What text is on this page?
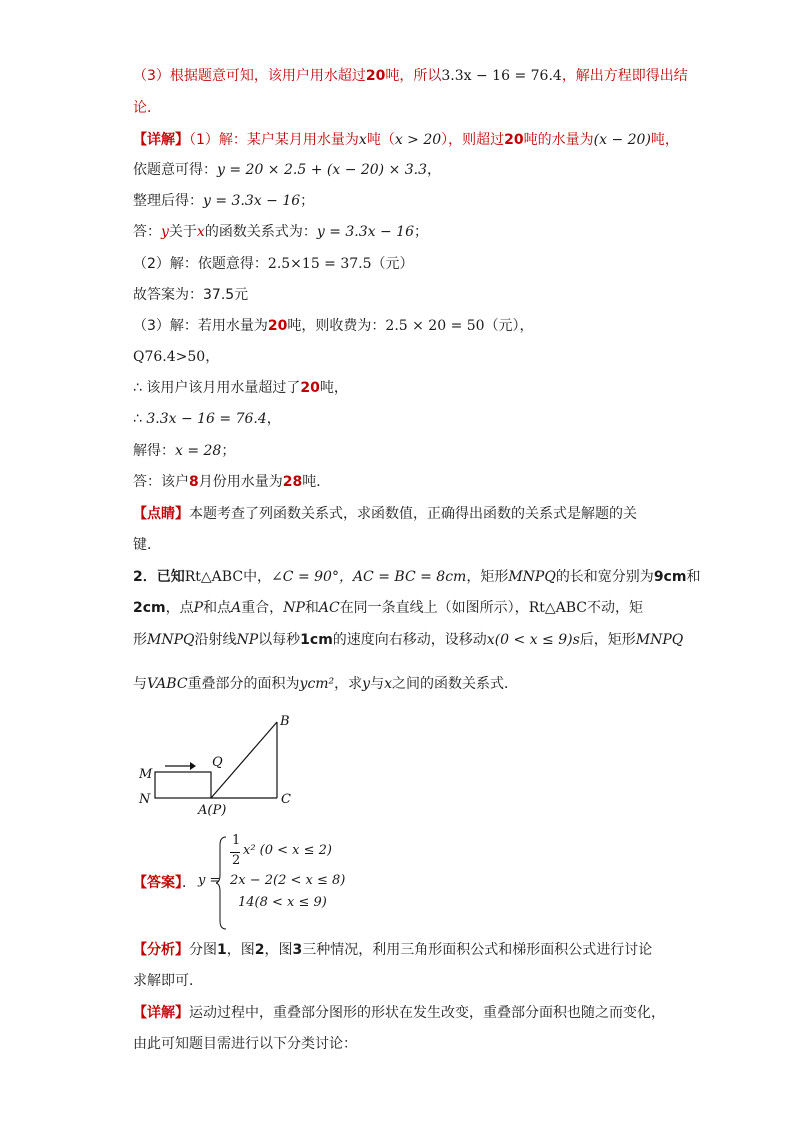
（3）根据题意可知，该用户用水超过20吨，所以3.3x − 16 = 76.4，解出方程即得出结
论．
【详解】（1）解：某户某月用水量为x吨（x > 20），则超过20吨的水量为(x − 20)吨，
依题意可得：y = 20 × 2.5 + (x − 20) × 3.3，
整理后得：y = 3.3x − 16；
答：y关于x的函数关系式为：y = 3.3x − 16；
（2）解：依题意得：2.5×15 = 37.5（元）
故答案为：37.5元
（3）解：若用水量为20吨，则收费为：2.5 × 20 = 50（元），
Q76.4>50，
∴ 该用户该月用水量超过了20吨，
∴ 3.3x − 16 = 76.4，
解得：x = 28；
答：该户8月份用水量为28吨．
【点睛】本题考查了列函数关系式，求函数值，正确得出函数的关系式是解题的关
键．
2．已知Rt△ABC中，∠C = 90°，AC = BC = 8cm，矩形MNPQ的长和宽分别为9cm和
2cm，点P和点A重合，NP和AC在同一条直线上（如图所示），Rt△ABC不动，矩
形MNPQ沿射线NP以每秒1cm的速度向右移动，设移动x(0 < x ≤ 9)s后，矩形MNPQ
与VABC重叠部分的面积为ycm²，求y与x之间的函数关系式．
B
Q
M
N
A(P)
C
【答案】． y =
1
2
x² (0 < x ≤ 2)
2x − 2(2 < x ≤ 8)
14(8 < x ≤ 9)
【分析】分图1，图2，图3三种情况，利用三角形面积公式和梯形面积公式进行讨论
求解即可．
【详解】运动过程中，重叠部分图形的形状在发生改变，重叠部分面积也随之而变化，
由此可知题目需进行以下分类讨论：
